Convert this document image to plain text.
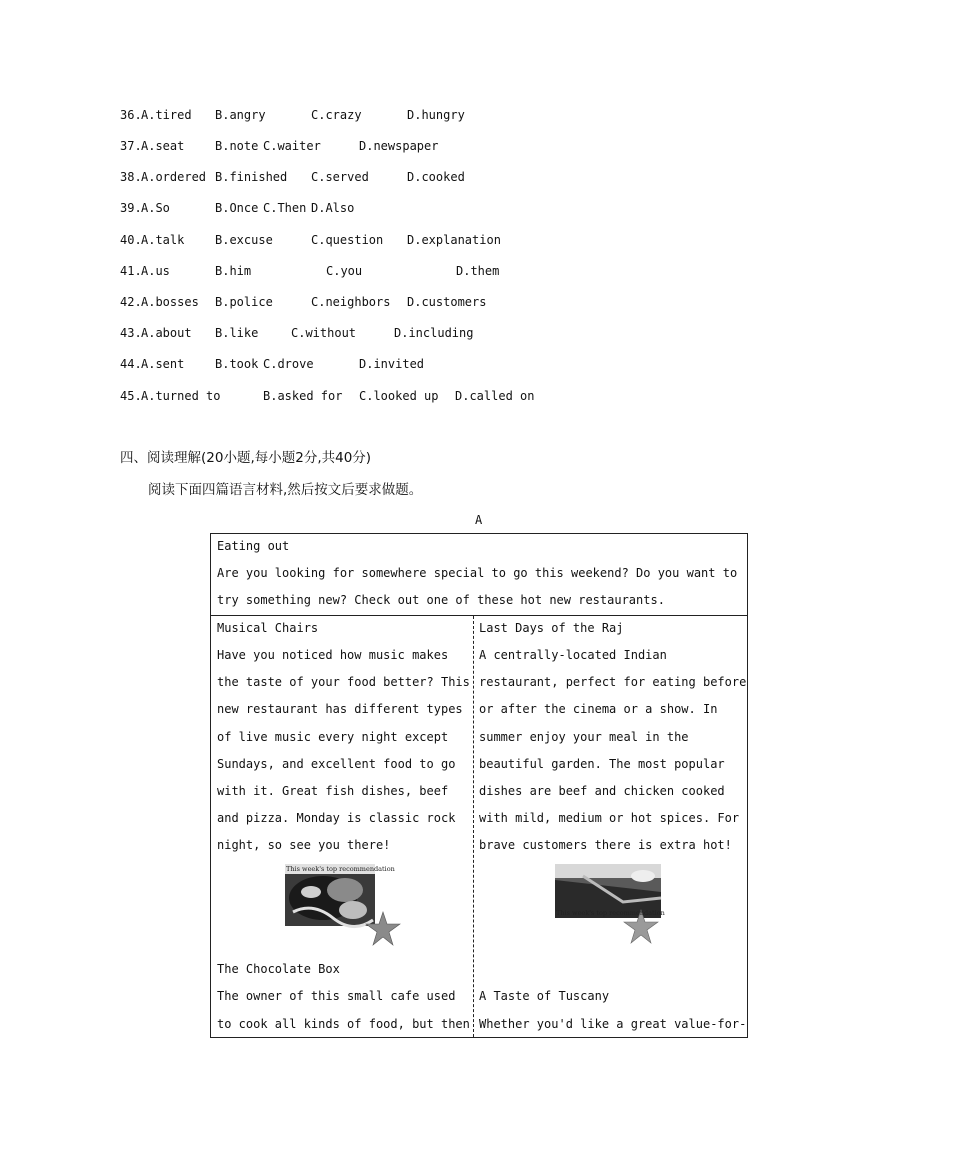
36.

A.tired

B.angry

	C.crazy

	D.hungry

37.

A.seat

	B.note

C.waiter

	D.newspaper

38.

A.ordered

B.finished

C.served

	D.cooked

39.

A.So

	B.Once

C.Then

D.Also

40.

A.talk

	B.excuse

	C.question

D.explanation

41.

A.us

	B.him

	C.you

	D.them

42.

A.bosses

B.police

	C.neighbors

D.customers

43.

A.about

B.like

	C.without

	D.including

44.

A.sent

	B.took

C.drove

	D.invited

45.

A.turned to

	B.asked for

C.looked up

D.called on

四、阅读理解(20小题,每小题2分,共40分)
阅读下面四篇语言材料,然后按文后要求做题。
A
Eating out
Are you looking for somewhere special to go this weekend? Do you want to
try something new? Check out one of these hot new restaurants.
Musical Chairs
Have you noticed how music makes
the taste of your food better? This
new restaurant has different types
of live music every night except
Sundays, and excellent food to go
with it. Great fish dishes, beef
and pizza. Monday is classic rock
night, so see you there!
This week's top recommendation
The Chocolate Box
The owner of this small cafe used
to cook all kinds of food, but then
Last Days of the Raj
A centrally-located Indian
restaurant, perfect for eating before
or after the cinema or a show. In
summer enjoy your meal in the
beautiful garden. The most popular
dishes are beef and chicken cooked
with mild, medium or hot spices. For
brave customers there is extra hot!
This week's top recommendation
A Taste of Tuscany
Whether you'd like a great value-for-
